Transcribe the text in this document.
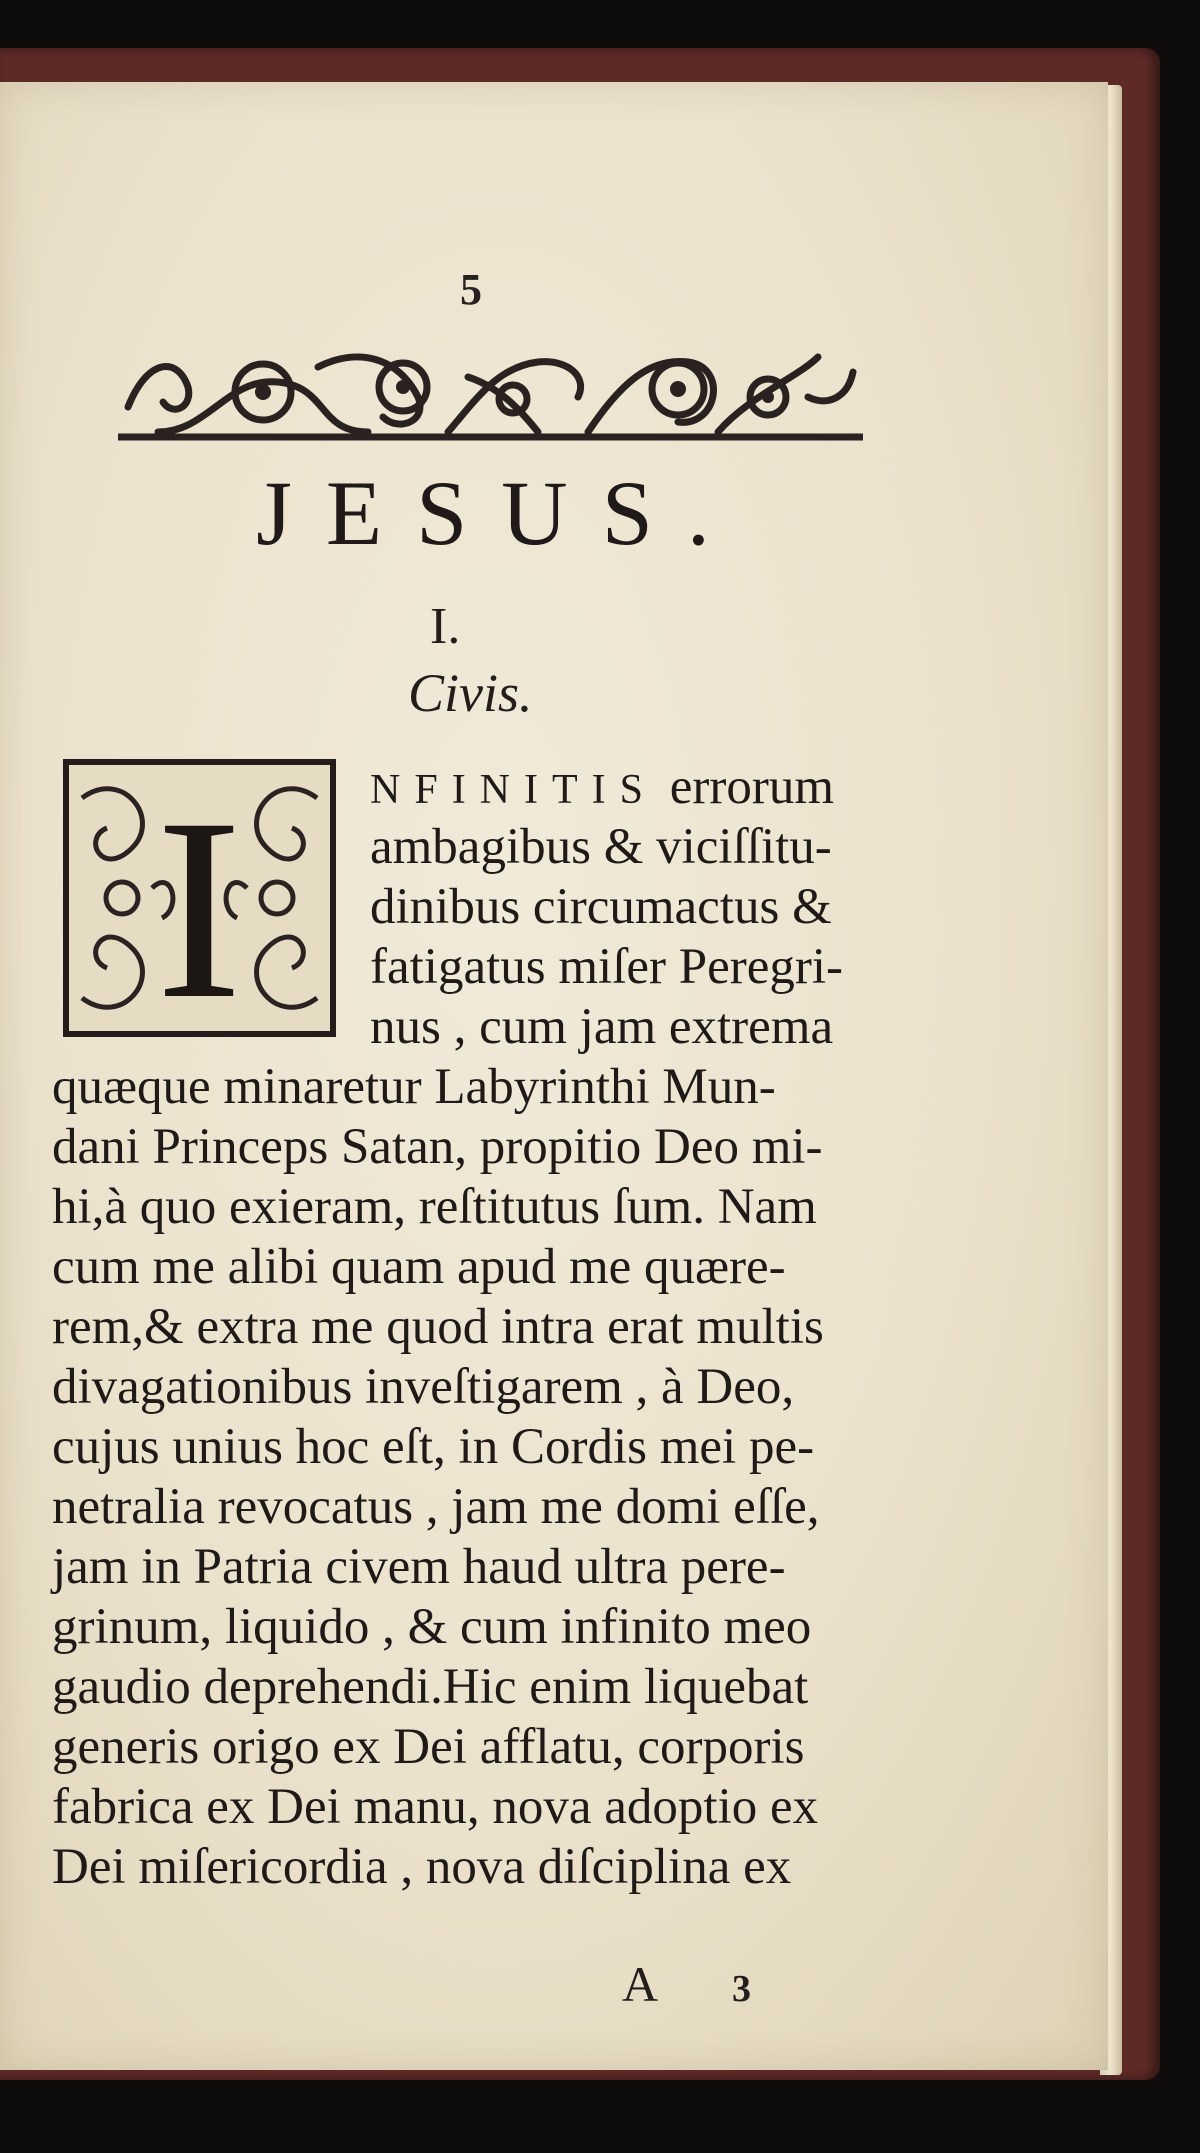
5
JESUS.
I.
Civis.
I	NFINITIS errorum
ambagibus & viciſſitu-
dinibus circumactus &
fatigatus miſer Peregri-
nus , cum jam extrema
quæque minaretur Labyrinthi Mun-
dani Princeps Satan, propitio Deo mi-
hi,à quo exieram, reſtitutus ſum. Nam
cum me alibi quam apud me quære-
rem,& extra me quod intra erat multis
divagationibus inveſtigarem , à Deo,
cujus unius hoc eſt, in Cordis mei pe-
netralia revocatus , jam me domi eſſe,
jam in Patria civem haud ultra pere-
grinum, liquido , & cum infinito meo
gaudio deprehendi.Hic enim liquebat
generis origo ex Dei afflatu, corporis
fabrica ex Dei manu, nova adoptio ex
Dei miſericordia , nova diſciplina ex
A 3
